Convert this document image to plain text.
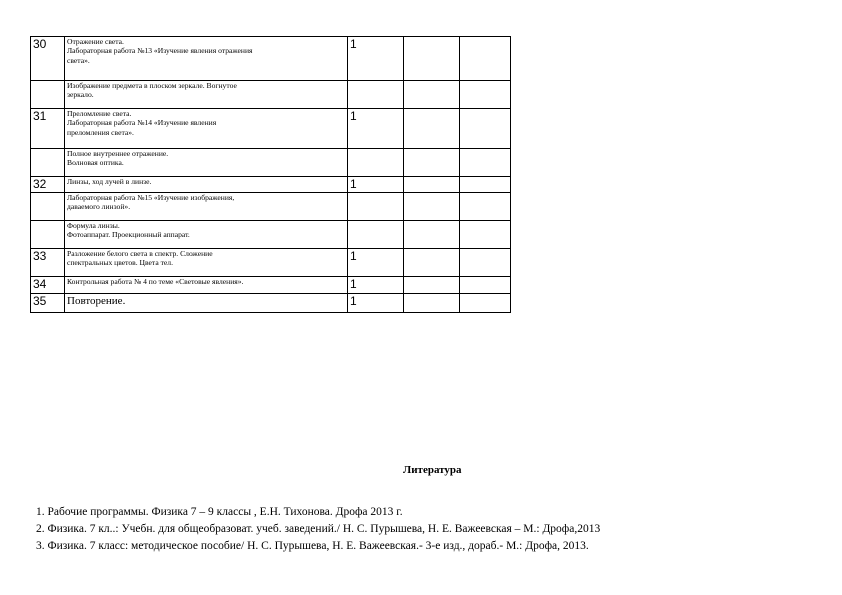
30	Отражение света.
Лабораторная работа №13 «Изучение явления отражения
света».	1		

	Изображение предмета в плоском зеркале. Вогнутое
зеркало.			

31	Преломление света.
Лабораторная работа №14 «Изучение явления
преломления света».	1		

	Полное внутреннее отражение.
Волновая оптика.			

32	Линзы, ход лучей в линзе.	1		

	Лабораторная работа №15 «Изучение изображения,
даваемого линзой».			

	Формула линзы.
Фотоаппарат. Проекционный аппарат.			

33	Разложение белого света в спектр. Сложение
спектральных цветов. Цвета тел.	1		
34	Контрольная работа № 4 по теме «Световые явления».	1		
35	Повторение.	1		
Литература
1. Рабочие программы. Физика 7 – 9 классы , Е.Н. Тихонова. Дрофа 2013 г.
2. Физика. 7 кл..: Учебн. для общеобразоват. учеб. заведений./ Н. С. Пурышева, Н. Е. Важеевская – М.: Дрофа,2013
3. Физика. 7 класс: методическое пособие/ Н. С. Пурышева, Н. Е. Важеевская.- 3-е изд., дораб.- М.: Дрофа, 2013.
